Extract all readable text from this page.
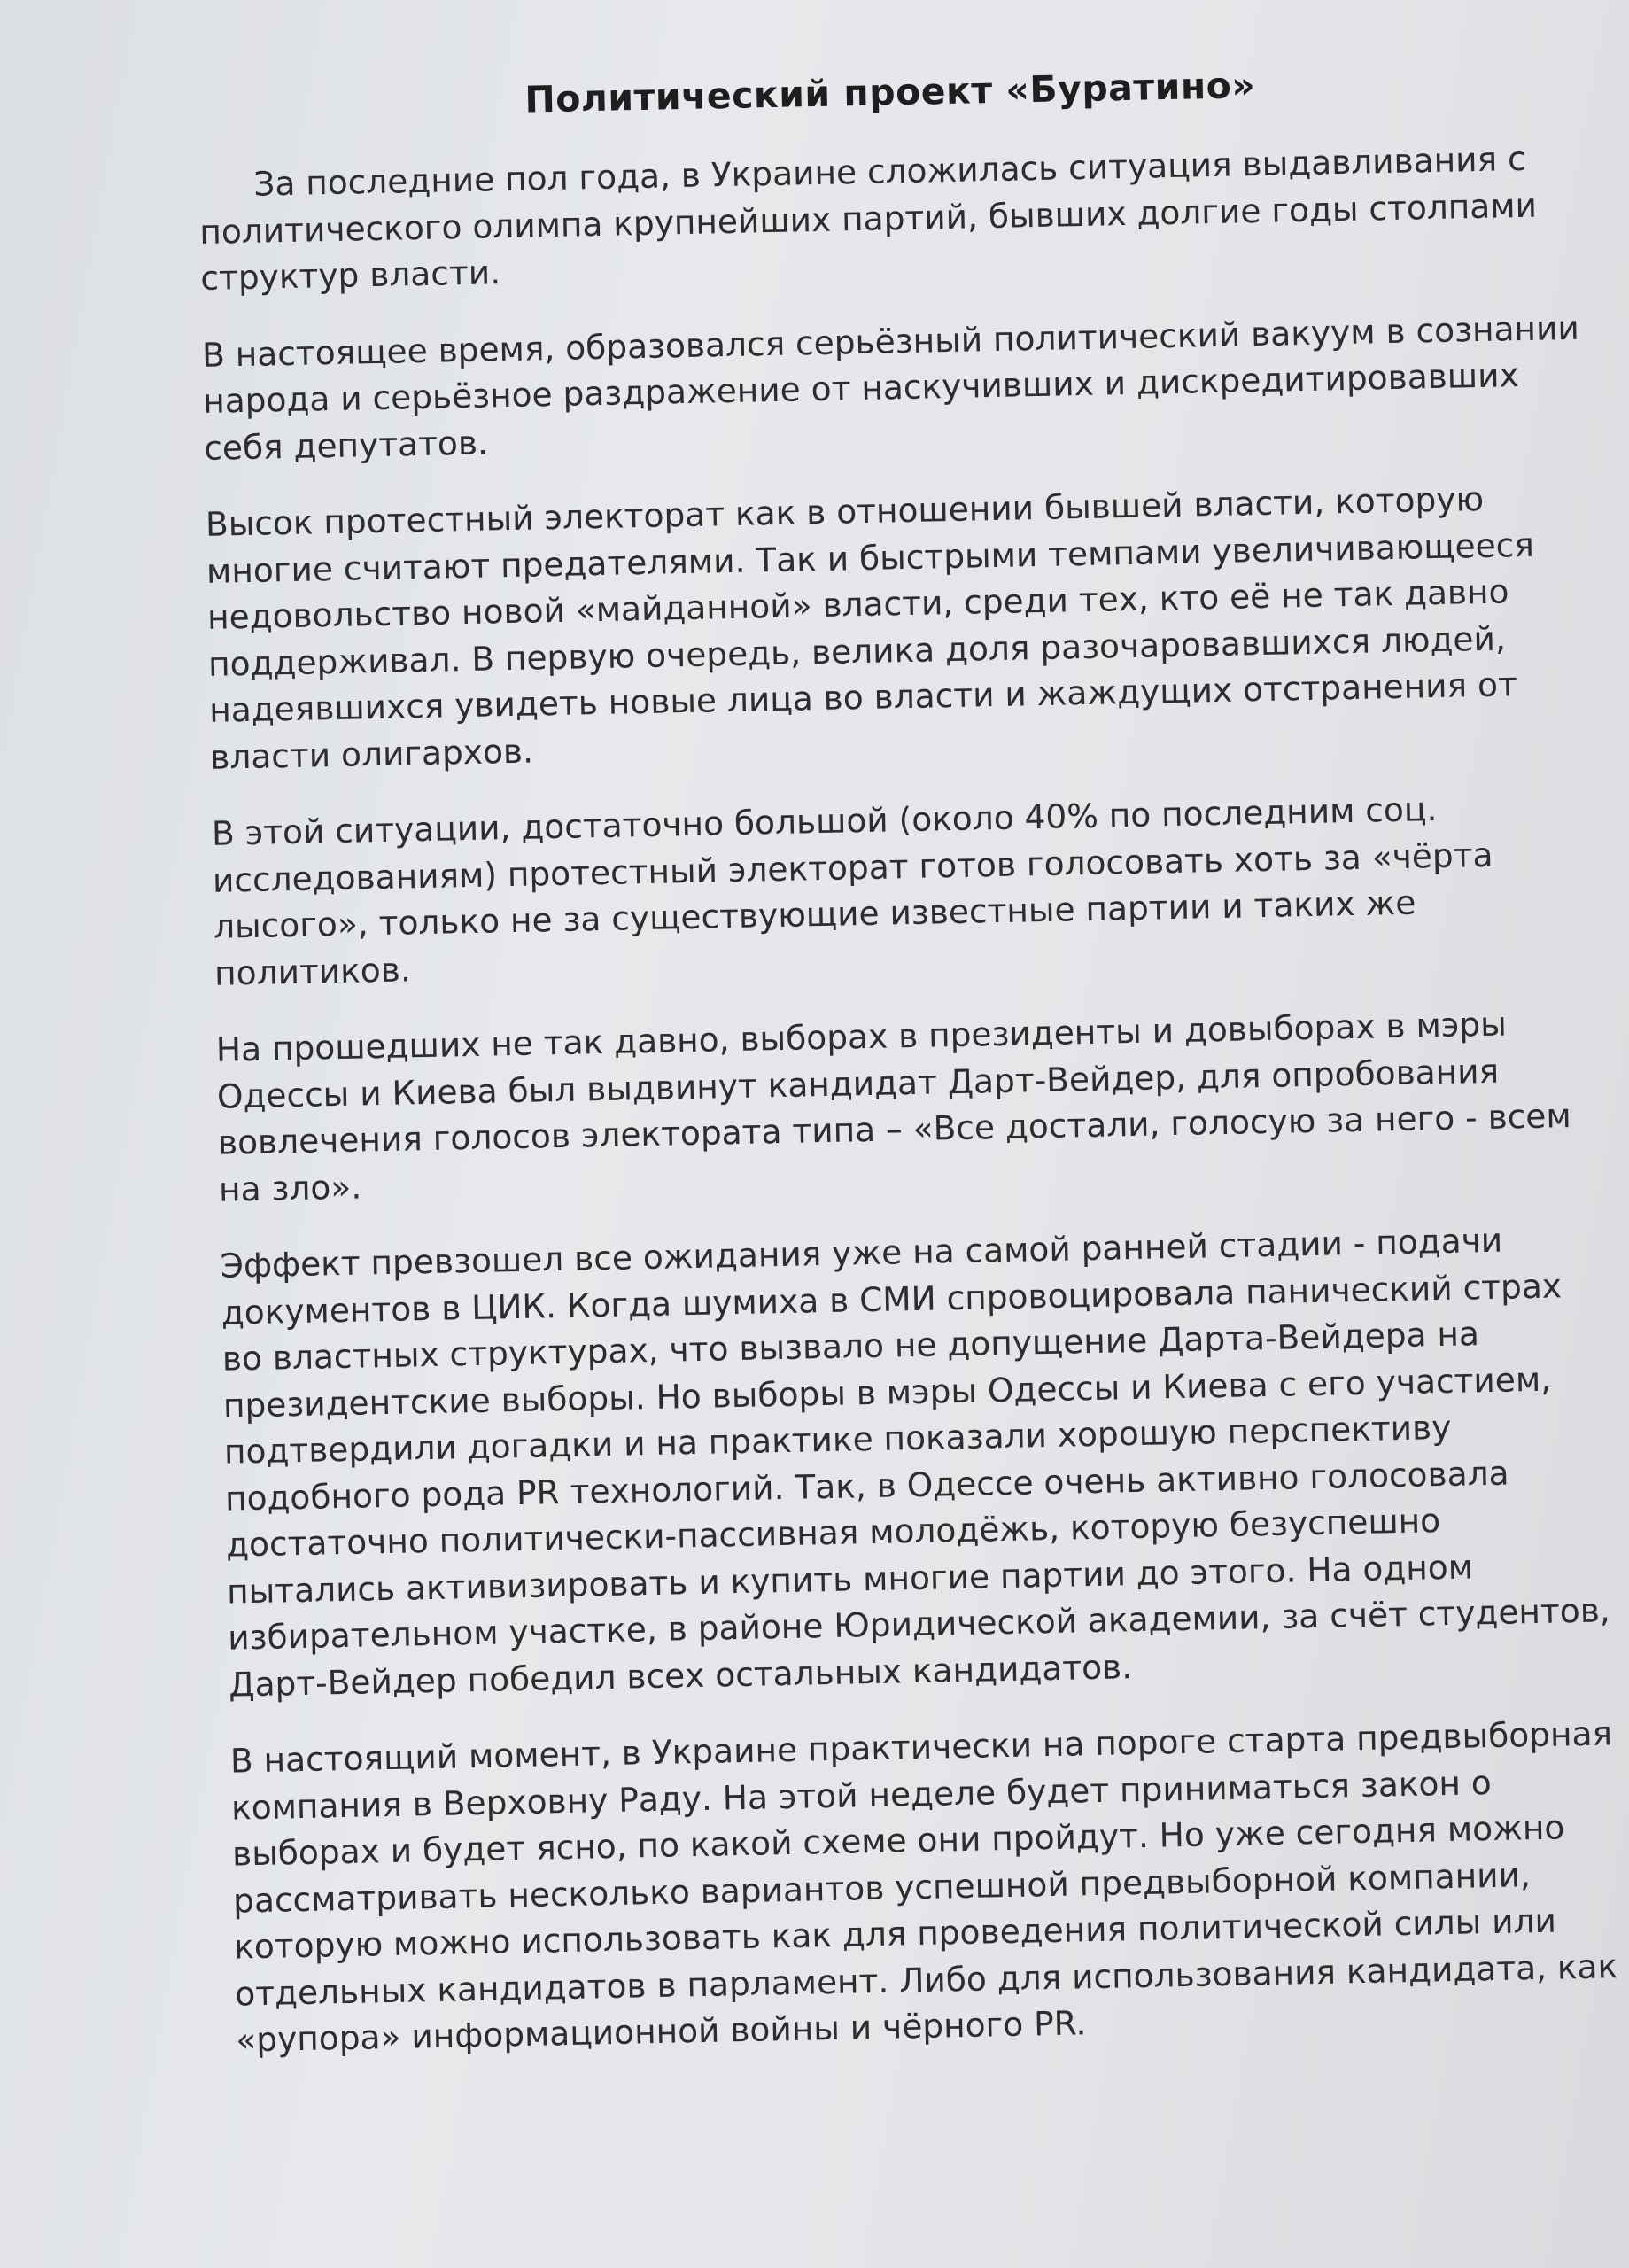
Политический проект «Буратино»

За последние пол года, в Украине сложилась ситуация выдавливания с политического олимпа крупнейших партий, бывших долгие годы столпами структур власти.

В настоящее время, образовался серьёзный политический вакуум в сознании народа и серьёзное раздражение от наскучивших и дискредитировавших себя депутатов.

Высок протестный электорат как в отношении бывшей власти, которую многие считают предателями. Так и быстрыми темпами увеличивающееся недовольство новой «майданной» власти, среди тех, кто её не так давно поддерживал. В первую очередь, велика доля разочаровавшихся людей, надеявшихся увидеть новые лица во власти и жаждущих отстранения от власти олигархов.

В этой ситуации, достаточно большой (около 40% по последним соц. исследованиям) протестный электорат готов голосовать хоть за «чёрта лысого», только не за существующие известные партии и таких же политиков.

На прошедших не так давно, выборах в президенты и довыборах в мэры Одессы и Киева был выдвинут кандидат Дарт-Вейдер, для опробования вовлечения голосов электората типа – «Все достали, голосую за него - всем на зло».

Эффект превзошел все ожидания уже на самой ранней стадии - подачи документов в ЦИК. Когда шумиха в СМИ спровоцировала панический страх во властных структурах, что вызвало не допущение Дарта-Вейдера на президентские выборы. Но выборы в мэры Одессы и Киева с его участием, подтвердили догадки и на практике показали хорошую перспективу подобного рода PR технологий. Так, в Одессе очень активно голосовала достаточно политически-пассивная молодёжь, которую безуспешно пытались активизировать и купить многие партии до этого. На одном избирательном участке, в районе Юридической академии, за счёт студентов, Дарт-Вейдер победил всех остальных кандидатов.

В настоящий момент, в Украине практически на пороге старта предвыборная компания в Верховну Раду. На этой неделе будет приниматься закон о выборах и будет ясно, по какой схеме они пройдут. Но уже сегодня можно рассматривать несколько вариантов успешной предвыборной компании, которую можно использовать как для проведения политической силы или отдельных кандидатов в парламент. Либо для использования кандидата, как «рупора» информационной войны и чёрного PR.
